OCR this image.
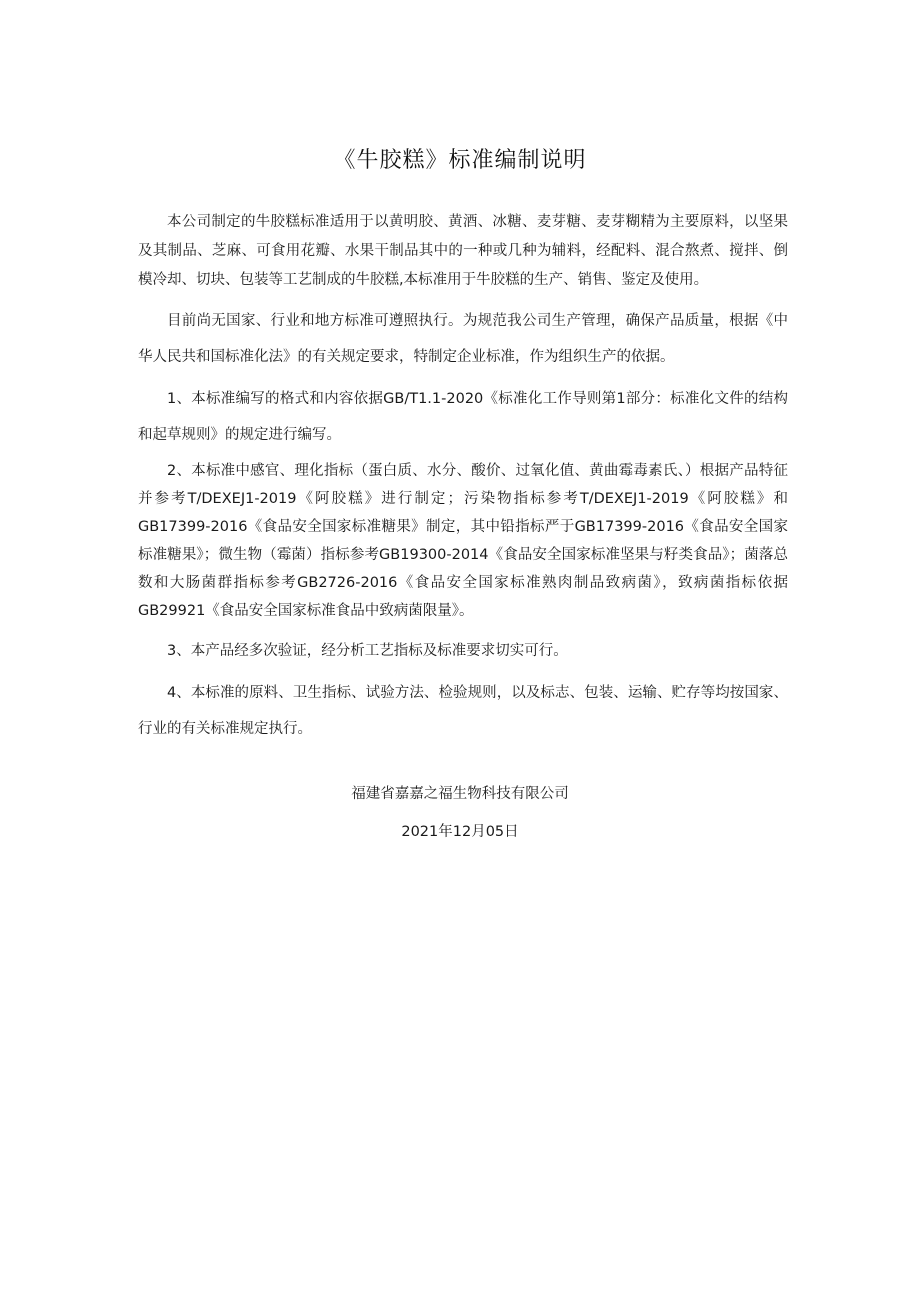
《牛胶糕》标准编制说明

本公司制定的牛胶糕标准适用于以黄明胶、黄酒、冰糖、麦芽糖、麦芽糊精为主要原料，以坚果及其制品、芝麻、可食用花瓣、水果干制品其中的一种或几种为辅料，经配料、混合熬煮、搅拌、倒模冷却、切块、包装等工艺制成的牛胶糕,本标准用于牛胶糕的生产、销售、鉴定及使用。

目前尚无国家、行业和地方标准可遵照执行。为规范我公司生产管理，确保产品质量，根据《中华人民共和国标准化法》的有关规定要求，特制定企业标准，作为组织生产的依据。

1、本标准编写的格式和内容依据GB/T1.1-2020《标准化工作导则第1部分：标准化文件的结构和起草规则》的规定进行编写。

2、本标准中感官、理化指标（蛋白质、水分、酸价、过氧化值、黄曲霉毒素氏、）根据产品特征并参考T/DEXEJ1-2019《阿胶糕》进行制定；污染物指标参考T/DEXEJ1-2019《阿胶糕》和GB17399-2016《食品安全国家标准糖果》制定，其中铅指标严于GB17399-2016《食品安全国家标准糖果》；微生物（霉菌）指标参考GB19300-2014《食品安全国家标准坚果与籽类食品》；菌落总数和大肠菌群指标参考GB2726-2016《食品安全国家标准熟肉制品致病菌》，致病菌指标依据GB29921《食品安全国家标准食品中致病菌限量》。

3、本产品经多次验证，经分析工艺指标及标准要求切实可行。

4、本标准的原料、卫生指标、试验方法、检验规则，以及标志、包装、运输、贮存等均按国家、行业的有关标准规定执行。

福建省嘉嘉之福生物科技有限公司
2021年12月05日
